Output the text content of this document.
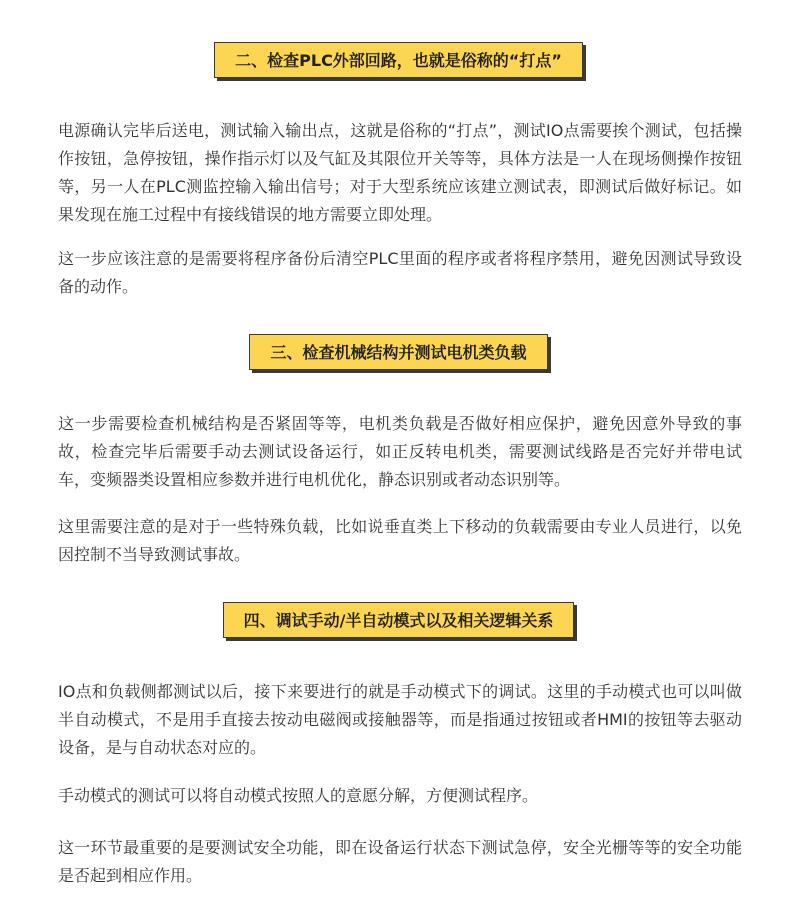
二、检查PLC外部回路，也就是俗称的“打点”

电源确认完毕后送电，测试输入输出点，这就是俗称的“打点”，测试IO点需要挨个测试，包括操作按钮，急停按钮，操作指示灯以及气缸及其限位开关等等，具体方法是一人在现场侧操作按钮等，另一人在PLC测监控输入输出信号；对于大型系统应该建立测试表，即测试后做好标记。如果发现在施工过程中有接线错误的地方需要立即处理。

这一步应该注意的是需要将程序备份后清空PLC里面的程序或者将程序禁用，避免因测试导致设备的动作。

三、检查机械结构并测试电机类负载

这一步需要检查机械结构是否紧固等等，电机类负载是否做好相应保护，避免因意外导致的事故，检查完毕后需要手动去测试设备运行，如正反转电机类，需要测试线路是否完好并带电试车，变频器类设置相应参数并进行电机优化，静态识别或者动态识别等。

这里需要注意的是对于一些特殊负载，比如说垂直类上下移动的负载需要由专业人员进行，以免因控制不当导致测试事故。

四、调试手动/半自动模式以及相关逻辑关系

IO点和负载侧都测试以后，接下来要进行的就是手动模式下的调试。这里的手动模式也可以叫做半自动模式，不是用手直接去按动电磁阀或接触器等，而是指通过按钮或者HMI的按钮等去驱动设备，是与自动状态对应的。

手动模式的测试可以将自动模式按照人的意愿分解，方便测试程序。

这一环节最重要的是要测试安全功能，即在设备运行状态下测试急停，安全光栅等等的安全功能是否起到相应作用。
